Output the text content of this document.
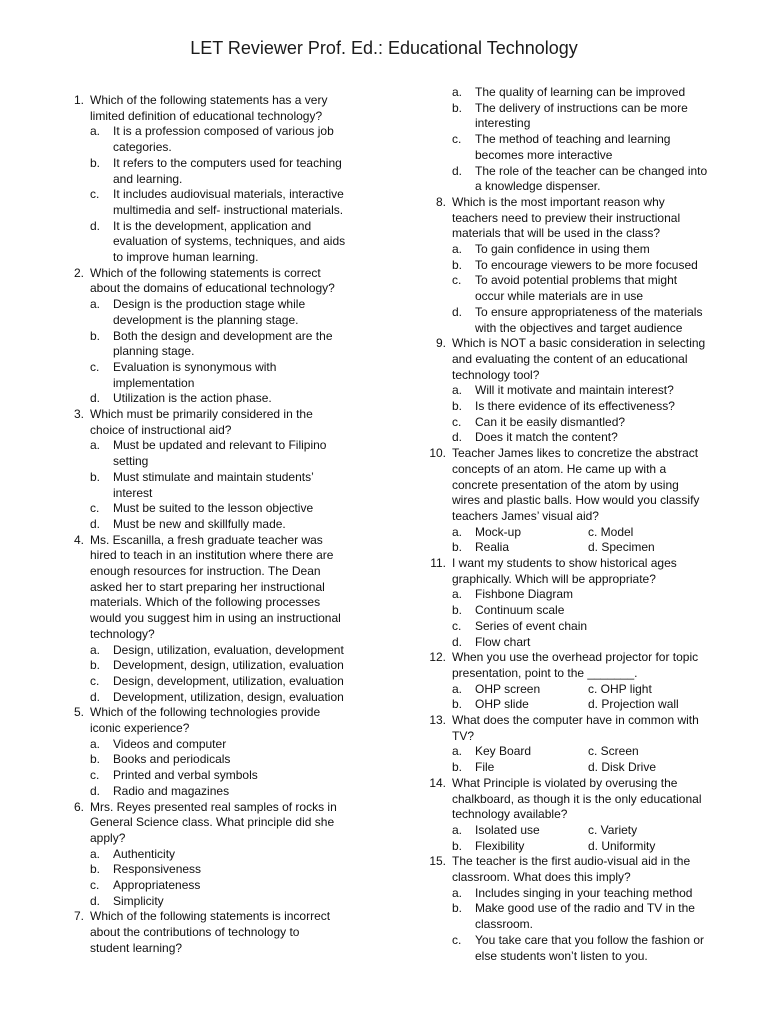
LET Reviewer Prof. Ed.: Educational Technology
1. Which of the following statements has a very
limited definition of educational technology?
a.	It is a profession composed of various job
categories.
b.	It refers to the computers used for teaching
and learning.
c.	It includes audiovisual materials, interactive
multimedia and self- instructional materials.
d.	It is the development, application and
evaluation of systems, techniques, and aids
to improve human learning.
2. Which of the following statements is correct
about the domains of educational technology?
a.	Design is the production stage while
development is the planning stage.
b.	Both the design and development are the
planning stage.
c.	Evaluation is synonymous with
implementation
d.	Utilization is the action phase.
3. Which must be primarily considered in the
choice of instructional aid?
a.	Must be updated and relevant to Filipino
setting
b.	Must stimulate and maintain students’
interest
c.	Must be suited to the lesson objective
d.	Must be new and skillfully made.
4. Ms. Escanilla, a fresh graduate teacher was
hired to teach in an institution where there are
enough resources for instruction. The Dean
asked her to start preparing her instructional
materials. Which of the following processes
would you suggest him in using an instructional
technology?
a.	Design, utilization, evaluation, development
b.	Development, design, utilization, evaluation
c.	Design, development, utilization, evaluation
d.	Development, utilization, design, evaluation
5. Which of the following technologies provide
iconic experience?
a.	Videos and computer
b.	Books and periodicals
c.	Printed and verbal symbols
d.	Radio and magazines
6. Mrs. Reyes presented real samples of rocks in
General Science class. What principle did she
apply?
a.	Authenticity
b.	Responsiveness
c.	Appropriateness
d.	Simplicity
7. Which of the following statements is incorrect
about the contributions of technology to
student learning?
a.	The quality of learning can be improved
b.	The delivery of instructions can be more
interesting
c.	The method of teaching and learning
becomes more interactive
d.	The role of the teacher can be changed into
a knowledge dispenser.
8. Which is the most important reason why
teachers need to preview their instructional
materials that will be used in the class?
a.	To gain confidence in using them
b.	To encourage viewers to be more focused
c.	To avoid potential problems that might
occur while materials are in use
d.	To ensure appropriateness of the materials
with the objectives and target audience
9. Which is NOT a basic consideration in selecting
and evaluating the content of an educational
technology tool?
a.	Will it motivate and maintain interest?
b.	Is there evidence of its effectiveness?
c.	Can it be easily dismantled?
d.	Does it match the content?
10. Teacher James likes to concretize the abstract
concepts of an atom. He came up with a
concrete presentation of the atom by using
wires and plastic balls. How would you classify
teachers James’ visual aid?
a. Mock-up	c. Model
b. Realia	d. Specimen
11. I want my students to show historical ages
graphically. Which will be appropriate?
a.	Fishbone Diagram
b.	Continuum scale
c.	Series of event chain
d.	Flow chart
12. When you use the overhead projector for topic
presentation, point to the _______.
a. OHP screen	c. OHP light
b. OHP slide	d. Projection wall
13. What does the computer have in common with
TV?
a. Key Board	c. Screen
b. File	d. Disk Drive
14. What Principle is violated by overusing the
chalkboard, as though it is the only educational
technology available?
a. Isolated use	c. Variety
b. Flexibility	d. Uniformity
15. The teacher is the first audio-visual aid in the
classroom. What does this imply?
a.	Includes singing in your teaching method
b.	Make good use of the radio and TV in the
classroom.
c.	You take care that you follow the fashion or
else students won’t listen to you.
